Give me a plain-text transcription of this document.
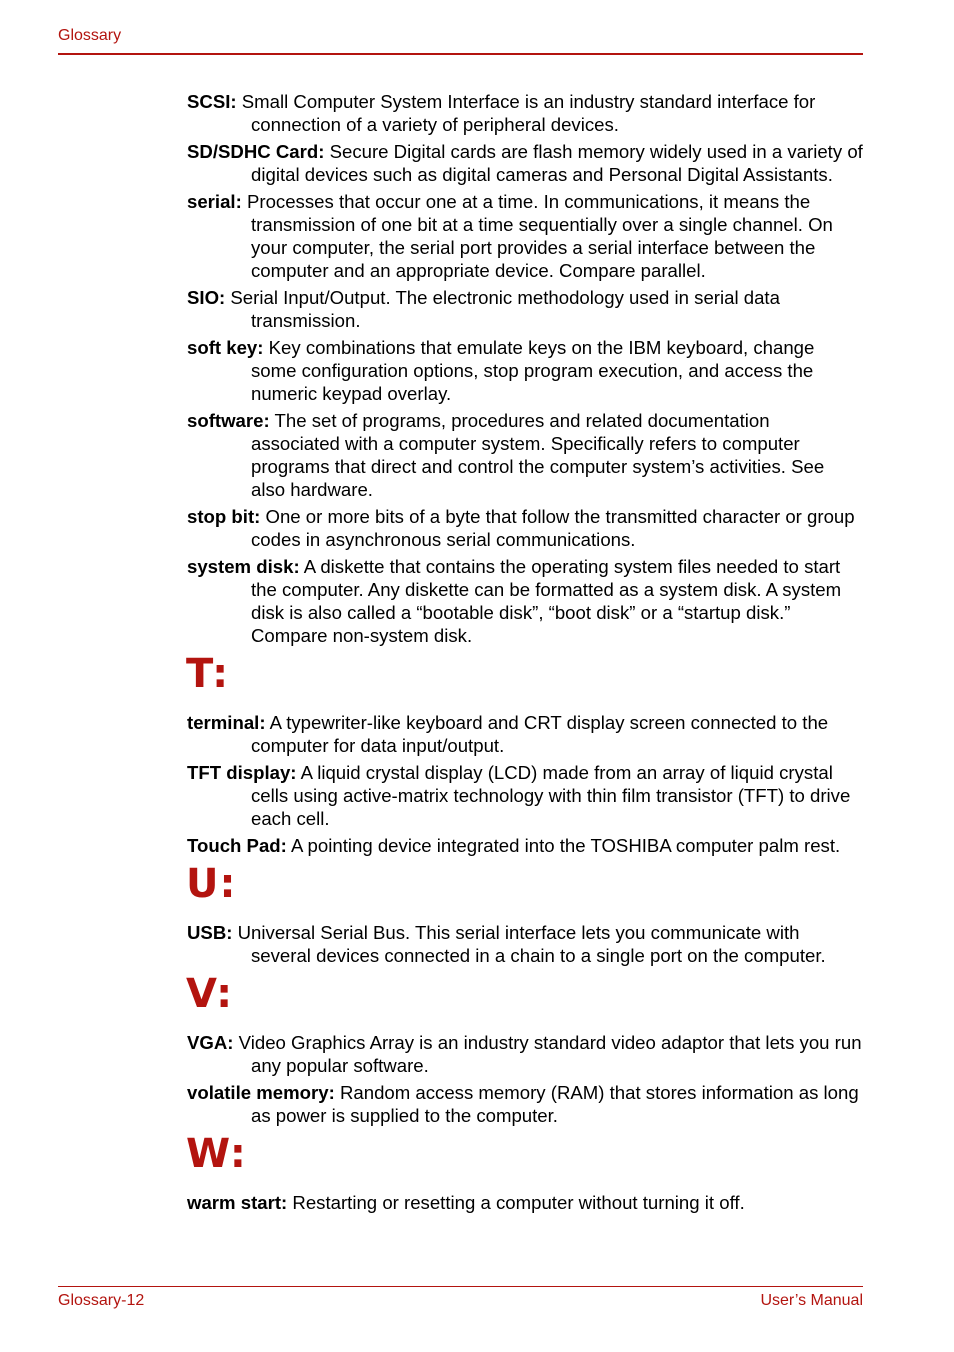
Glossary

SCSI: Small Computer System Interface is an industry standard interface for connection of a variety of peripheral devices.

SD/SDHC Card: Secure Digital cards are flash memory widely used in a variety of digital devices such as digital cameras and Personal Digital Assistants.

serial: Processes that occur one at a time. In communications, it means the transmission of one bit at a time sequentially over a single channel. On your computer, the serial port provides a serial interface between the computer and an appropriate device. Compare parallel.

SIO: Serial Input/Output. The electronic methodology used in serial data transmission.

soft key: Key combinations that emulate keys on the IBM keyboard, change some configuration options, stop program execution, and access the numeric keypad overlay.

software: The set of programs, procedures and related documentation associated with a computer system. Specifically refers to computer programs that direct and control the computer system’s activities. See also hardware.

stop bit: One or more bits of a byte that follow the transmitted character or group codes in asynchronous serial communications.

system disk: A diskette that contains the operating system files needed to start the computer. Any diskette can be formatted as a system disk. A system disk is also called a “bootable disk”, “boot disk” or a “startup disk.” Compare non-system disk.

T:

terminal: A typewriter-like keyboard and CRT display screen connected to the computer for data input/output.

TFT display: A liquid crystal display (LCD) made from an array of liquid crystal cells using active-matrix technology with thin film transistor (TFT) to drive each cell.

Touch Pad: A pointing device integrated into the TOSHIBA computer palm rest.

U:

USB: Universal Serial Bus. This serial interface lets you communicate with several devices connected in a chain to a single port on the computer.

V:

VGA: Video Graphics Array is an industry standard video adaptor that lets you run any popular software.

volatile memory: Random access memory (RAM) that stores information as long as power is supplied to the computer.

W:

warm start: Restarting or resetting a computer without turning it off.

Glossary-12	User’s Manual
